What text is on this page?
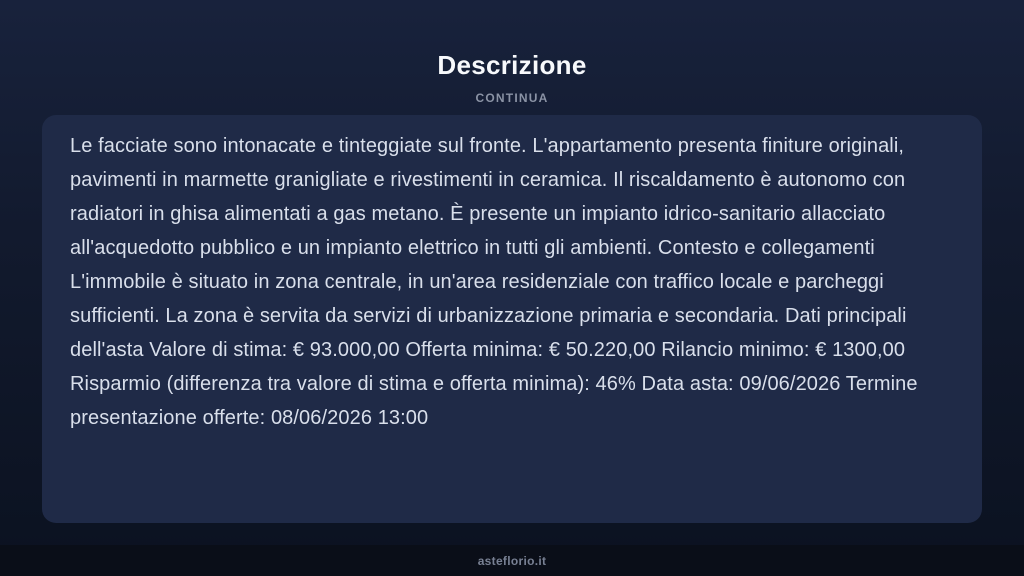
Descrizione
CONTINUA
Le facciate sono intonacate e tinteggiate sul fronte. L'appartamento presenta finiture originali, pavimenti in marmette granigliate e rivestimenti in ceramica. Il riscaldamento è autonomo con radiatori in ghisa alimentati a gas metano. È presente un impianto idrico-sanitario allacciato all'acquedotto pubblico e un impianto elettrico in tutti gli ambienti. Contesto e collegamenti L'immobile è situato in zona centrale, in un'area residenziale con traffico locale e parcheggi sufficienti. La zona è servita da servizi di urbanizzazione primaria e secondaria. Dati principali dell'asta Valore di stima: € 93.000,00 Offerta minima: € 50.220,00 Rilancio minimo: € 1300,00 Risparmio (differenza tra valore di stima e offerta minima): 46% Data asta: 09/06/2026 Termine presentazione offerte: 08/06/2026 13:00
asteflorio.it
